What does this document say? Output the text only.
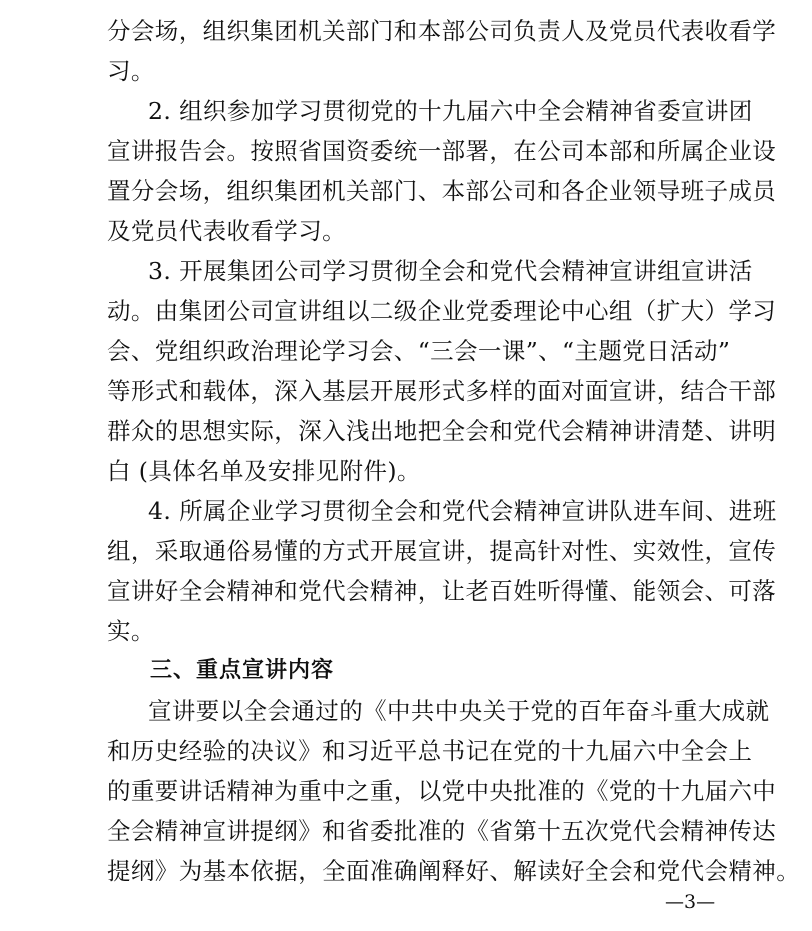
分会场，组织集团机关部门和本部公司负责人及党员代表收看学
习。
2. 组织参加学习贯彻党的十九届六中全会精神省委宣讲团
宣讲报告会。按照省国资委统一部署，在公司本部和所属企业设
置分会场，组织集团机关部门、本部公司和各企业领导班子成员
及党员代表收看学习。
3. 开展集团公司学习贯彻全会和党代会精神宣讲组宣讲活
动。由集团公司宣讲组以二级企业党委理论中心组（扩大）学习
会、党组织政治理论学习会、“三会一课”、“主题党日活动”
等形式和载体，深入基层开展形式多样的面对面宣讲，结合干部
群众的思想实际，深入浅出地把全会和党代会精神讲清楚、讲明
白 (具体名单及安排见附件)。
4. 所属企业学习贯彻全会和党代会精神宣讲队进车间、进班
组，采取通俗易懂的方式开展宣讲，提高针对性、实效性，宣传
宣讲好全会精神和党代会精神，让老百姓听得懂、能领会、可落
实。
三、重点宣讲内容
宣讲要以全会通过的《中共中央关于党的百年奋斗重大成就
和历史经验的决议》和习近平总书记在党的十九届六中全会上
的重要讲话精神为重中之重，以党中央批准的《党的十九届六中
全会精神宣讲提纲》和省委批准的《省第十五次党代会精神传达
提纲》为基本依据，全面准确阐释好、解读好全会和党代会精神。
—3—
